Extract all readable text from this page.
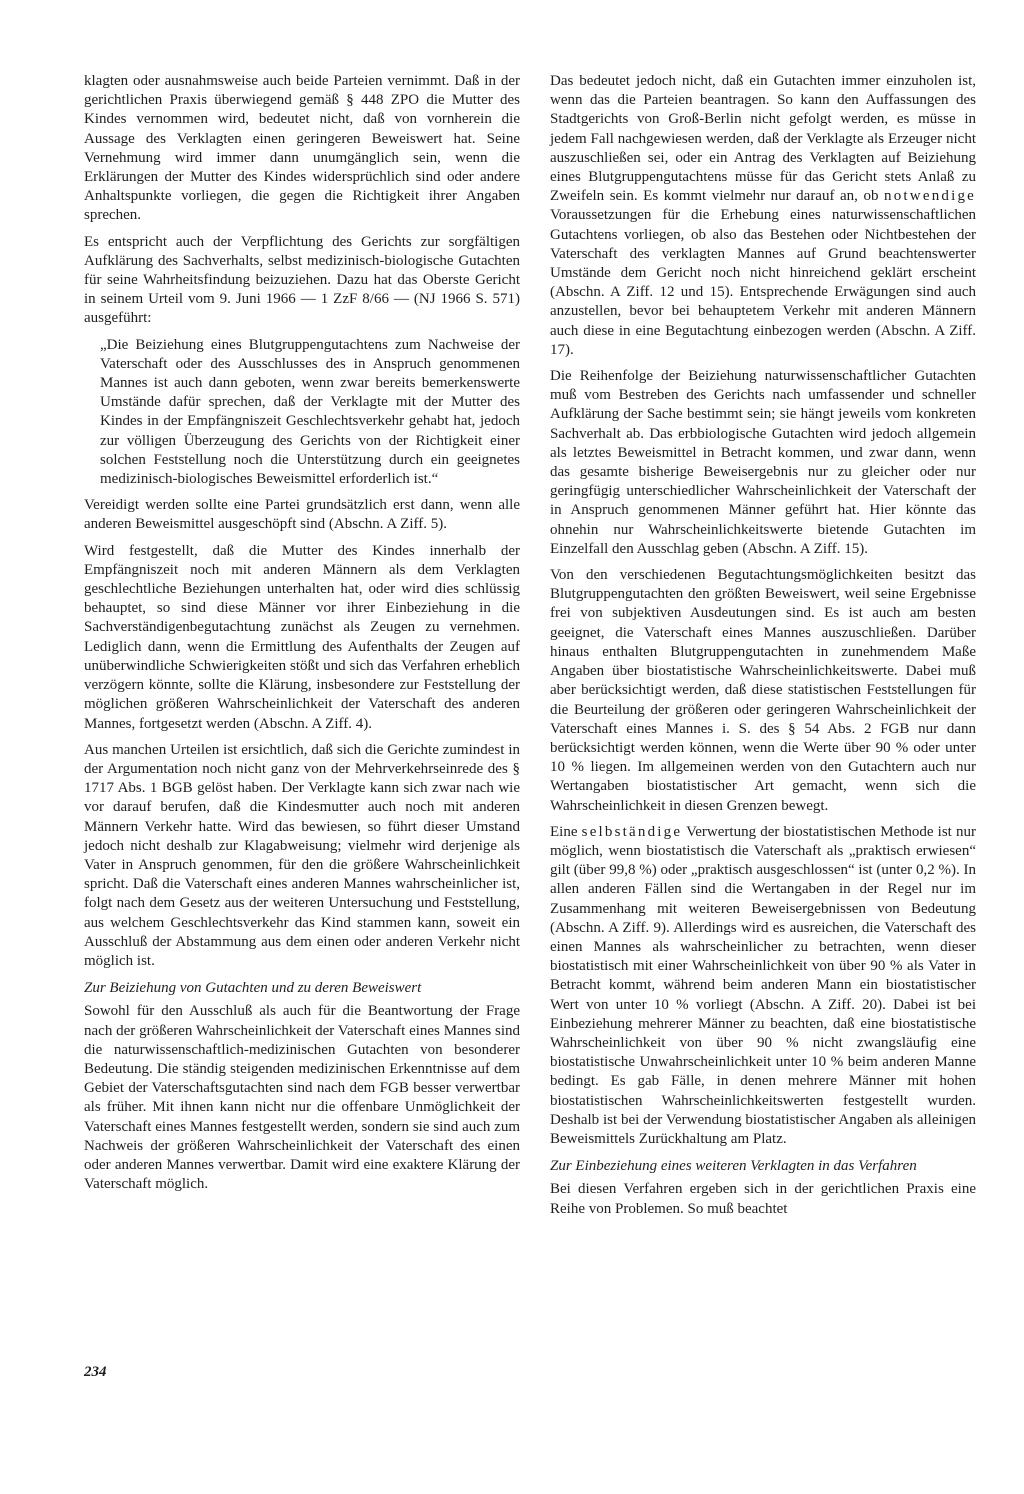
klagten oder ausnahmsweise auch beide Parteien vernimmt. Daß in der gerichtlichen Praxis überwiegend gemäß § 448 ZPO die Mutter des Kindes vernommen wird, bedeutet nicht, daß von vornherein die Aussage des Verklagten einen geringeren Beweiswert hat. Seine Vernehmung wird immer dann unumgänglich sein, wenn die Erklärungen der Mutter des Kindes widersprüchlich sind oder andere Anhaltspunkte vorliegen, die gegen die Richtigkeit ihrer Angaben sprechen.

Es entspricht auch der Verpflichtung des Gerichts zur sorgfältigen Aufklärung des Sachverhalts, selbst medizinisch-biologische Gutachten für seine Wahrheitsfindung beizuziehen. Dazu hat das Oberste Gericht in seinem Urteil vom 9. Juni 1966 — 1 ZzF 8/66 — (NJ 1966 S. 571) ausgeführt:

„Die Beiziehung eines Blutgruppengutachtens zum Nachweise der Vaterschaft oder des Ausschlusses des in Anspruch genommenen Mannes ist auch dann geboten, wenn zwar bereits bemerkenswerte Umstände dafür sprechen, daß der Verklagte mit der Mutter des Kindes in der Empfängniszeit Geschlechtsverkehr gehabt hat, jedoch zur völligen Überzeugung des Gerichts von der Richtigkeit einer solchen Feststellung noch die Unterstützung durch ein geeignetes medizinisch-biologisches Beweismittel erforderlich ist.“

Vereidigt werden sollte eine Partei grundsätzlich erst dann, wenn alle anderen Beweismittel ausgeschöpft sind (Abschn. A Ziff. 5).

Wird festgestellt, daß die Mutter des Kindes innerhalb der Empfängniszeit noch mit anderen Männern als dem Verklagten geschlechtliche Beziehungen unterhalten hat, oder wird dies schlüssig behauptet, so sind diese Männer vor ihrer Einbeziehung in die Sachverständigenbegutachtung zunächst als Zeugen zu vernehmen. Lediglich dann, wenn die Ermittlung des Aufenthalts der Zeugen auf unüberwindliche Schwierigkeiten stößt und sich das Verfahren erheblich verzögern könnte, sollte die Klärung, insbesondere zur Feststellung der möglichen größeren Wahrscheinlichkeit der Vaterschaft des anderen Mannes, fortgesetzt werden (Abschn. A Ziff. 4).

Aus manchen Urteilen ist ersichtlich, daß sich die Gerichte zumindest in der Argumentation noch nicht ganz von der Mehrverkehrseinrede des § 1717 Abs. 1 BGB gelöst haben. Der Verklagte kann sich zwar nach wie vor darauf berufen, daß die Kindesmutter auch noch mit anderen Männern Verkehr hatte. Wird das bewiesen, so führt dieser Umstand jedoch nicht deshalb zur Klagabweisung; vielmehr wird derjenige als Vater in Anspruch genommen, für den die größere Wahrscheinlichkeit spricht. Daß die Vaterschaft eines anderen Mannes wahrscheinlicher ist, folgt nach dem Gesetz aus der weiteren Untersuchung und Feststellung, aus welchem Geschlechtsverkehr das Kind stammen kann, soweit ein Ausschluß der Abstammung aus dem einen oder anderen Verkehr nicht möglich ist.

Zur Beiziehung von Gutachten und zu deren Beweiswert

Sowohl für den Ausschluß als auch für die Beantwortung der Frage nach der größeren Wahrscheinlichkeit der Vaterschaft eines Mannes sind die naturwissenschaftlich-medizinischen Gutachten von besonderer Bedeutung. Die ständig steigenden medizinischen Erkenntnisse auf dem Gebiet der Vaterschaftsgutachten sind nach dem FGB besser verwertbar als früher. Mit ihnen kann nicht nur die offenbare Unmöglichkeit der Vaterschaft eines Mannes festgestellt werden, sondern sie sind auch zum Nachweis der größeren Wahrscheinlichkeit der Vaterschaft des einen oder anderen Mannes verwertbar. Damit wird eine exaktere Klärung der Vaterschaft möglich.

Das bedeutet jedoch nicht, daß ein Gutachten immer einzuholen ist, wenn das die Parteien beantragen. So kann den Auffassungen des Stadtgerichts von Groß-Berlin nicht gefolgt werden, es müsse in jedem Fall nachgewiesen werden, daß der Verklagte als Erzeuger nicht auszuschließen sei, oder ein Antrag des Verklagten auf Beiziehung eines Blutgruppengutachtens müsse für das Gericht stets Anlaß zu Zweifeln sein. Es kommt vielmehr nur darauf an, ob notwendige Voraussetzungen für die Erhebung eines naturwissenschaftlichen Gutachtens vorliegen, ob also das Bestehen oder Nichtbestehen der Vaterschaft des verklagten Mannes auf Grund beachtenswerter Umstände dem Gericht noch nicht hinreichend geklärt erscheint (Abschn. A Ziff. 12 und 15). Entsprechende Erwägungen sind auch anzustellen, bevor bei behauptetem Verkehr mit anderen Männern auch diese in eine Begutachtung einbezogen werden (Abschn. A Ziff. 17).

Die Reihenfolge der Beiziehung naturwissenschaftlicher Gutachten muß vom Bestreben des Gerichts nach umfassender und schneller Aufklärung der Sache bestimmt sein; sie hängt jeweils vom konkreten Sachverhalt ab. Das erbbiologische Gutachten wird jedoch allgemein als letztes Beweismittel in Betracht kommen, und zwar dann, wenn das gesamte bisherige Beweisergebnis nur zu gleicher oder nur geringfügig unterschiedlicher Wahrscheinlichkeit der Vaterschaft der in Anspruch genommenen Männer geführt hat. Hier könnte das ohnehin nur Wahrscheinlichkeitswerte bietende Gutachten im Einzelfall den Ausschlag geben (Abschn. A Ziff. 15).

Von den verschiedenen Begutachtungsmöglichkeiten besitzt das Blutgruppengutachten den größten Beweiswert, weil seine Ergebnisse frei von subjektiven Ausdeutungen sind. Es ist auch am besten geeignet, die Vaterschaft eines Mannes auszuschließen. Darüber hinaus enthalten Blutgruppengutachten in zunehmendem Maße Angaben über biostatistische Wahrscheinlichkeitswerte. Dabei muß aber berücksichtigt werden, daß diese statistischen Feststellungen für die Beurteilung der größeren oder geringeren Wahrscheinlichkeit der Vaterschaft eines Mannes i. S. des § 54 Abs. 2 FGB nur dann berücksichtigt werden können, wenn die Werte über 90 % oder unter 10 % liegen. Im allgemeinen werden von den Gutachtern auch nur Wertangaben biostatistischer Art gemacht, wenn sich die Wahrscheinlichkeit in diesen Grenzen bewegt.

Eine selbständige Verwertung der biostatistischen Methode ist nur möglich, wenn biostatistisch die Vaterschaft als „praktisch erwiesen“ gilt (über 99,8 %) oder „praktisch ausgeschlossen“ ist (unter 0,2 %). In allen anderen Fällen sind die Wertangaben in der Regel nur im Zusammenhang mit weiteren Beweisergebnissen von Bedeutung (Abschn. A Ziff. 9). Allerdings wird es ausreichen, die Vaterschaft des einen Mannes als wahrscheinlicher zu betrachten, wenn dieser biostatistisch mit einer Wahrscheinlichkeit von über 90 % als Vater in Betracht kommt, während beim anderen Mann ein biostatistischer Wert von unter 10 % vorliegt (Abschn. A Ziff. 20). Dabei ist bei Einbeziehung mehrerer Männer zu beachten, daß eine biostatistische Wahrscheinlichkeit von über 90 % nicht zwangsläufig eine biostatistische Unwahrscheinlichkeit unter 10 % beim anderen Manne bedingt. Es gab Fälle, in denen mehrere Männer mit hohen biostatistischen Wahrscheinlichkeitswerten festgestellt wurden. Deshalb ist bei der Verwendung biostatistischer Angaben als alleinigen Beweismittels Zurückhaltung am Platz.

Zur Einbeziehung eines weiteren Verklagten in das Verfahren

Bei diesen Verfahren ergeben sich in der gerichtlichen Praxis eine Reihe von Problemen. So muß beachtet

234
